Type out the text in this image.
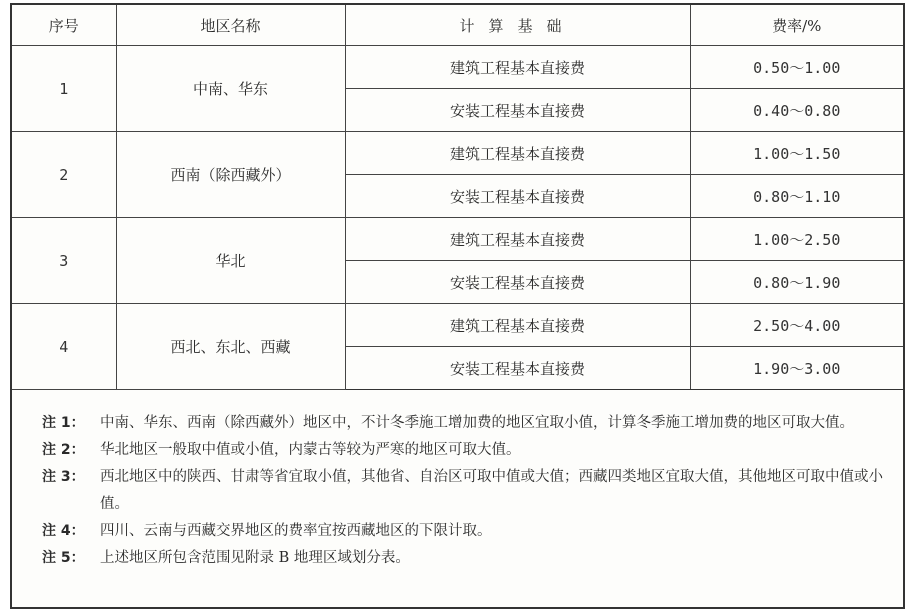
序号	地区名称	计算基础	费率/%
1	中南、华东	建筑工程基本直接费	0.50～1.00
		安装工程基本直接费	0.40～0.80
2	西南（除西藏外）	建筑工程基本直接费	1.00～1.50
		安装工程基本直接费	0.80～1.10
3	华北	建筑工程基本直接费	1.00～2.50
		安装工程基本直接费	0.80～1.90
4	西北、东北、西藏	建筑工程基本直接费	2.50～4.00
		安装工程基本直接费	1.90～3.00
注 1：	中南、华东、西南（除西藏外）地区中，不计冬季施工增加费的地区宜取小值，计算冬季施工增加费的地区可取大值。
注 2：	华北地区一般取中值或小值，内蒙古等较为严寒的地区可取大值。
注 3：	西北地区中的陕西、甘肃等省宜取小值，其他省、自治区可取中值或大值；西藏四类地区宜取大值，其他地区可取中值或小值。
注 4：	四川、云南与西藏交界地区的费率宜按西藏地区的下限计取。
注 5：	上述地区所包含范围见附录 B 地理区域划分表。
